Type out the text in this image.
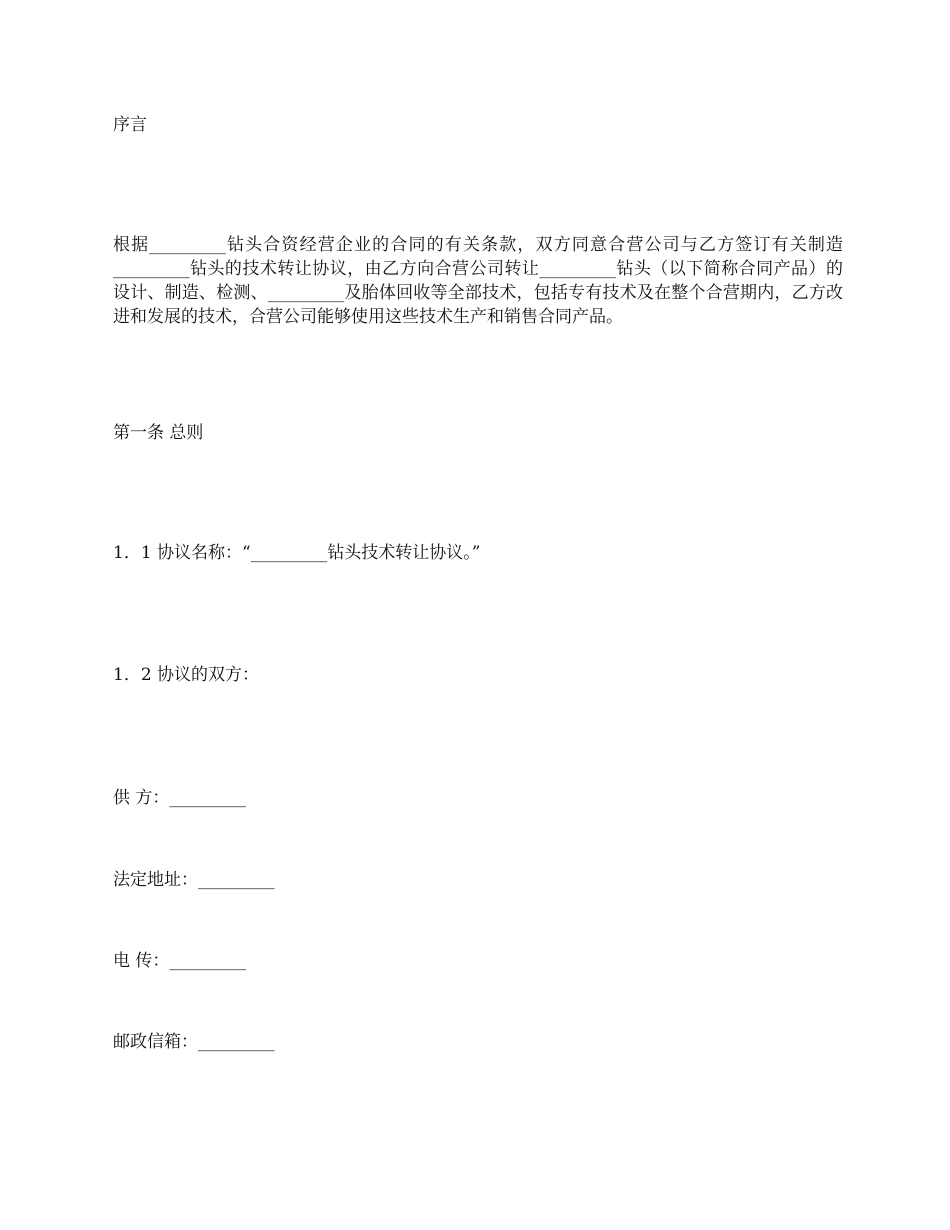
序言
根据_________钻头合资经营企业的合同的有关条款，双方同意合营公司与乙方签订有关制造_________钻头的技术转让协议，由乙方向合营公司转让_________钻头（以下简称合同产品）的设计、制造、检测、_________及胎体回收等全部技术，包括专有技术及在整个合营期内，乙方改进和发展的技术，合营公司能够使用这些技术生产和销售合同产品。
第一条 总则
1．1 协议名称：“_________钻头技术转让协议。”
1．2 协议的双方：
供 方：_________
法定地址：_________
电 传：_________
邮政信箱：_________
